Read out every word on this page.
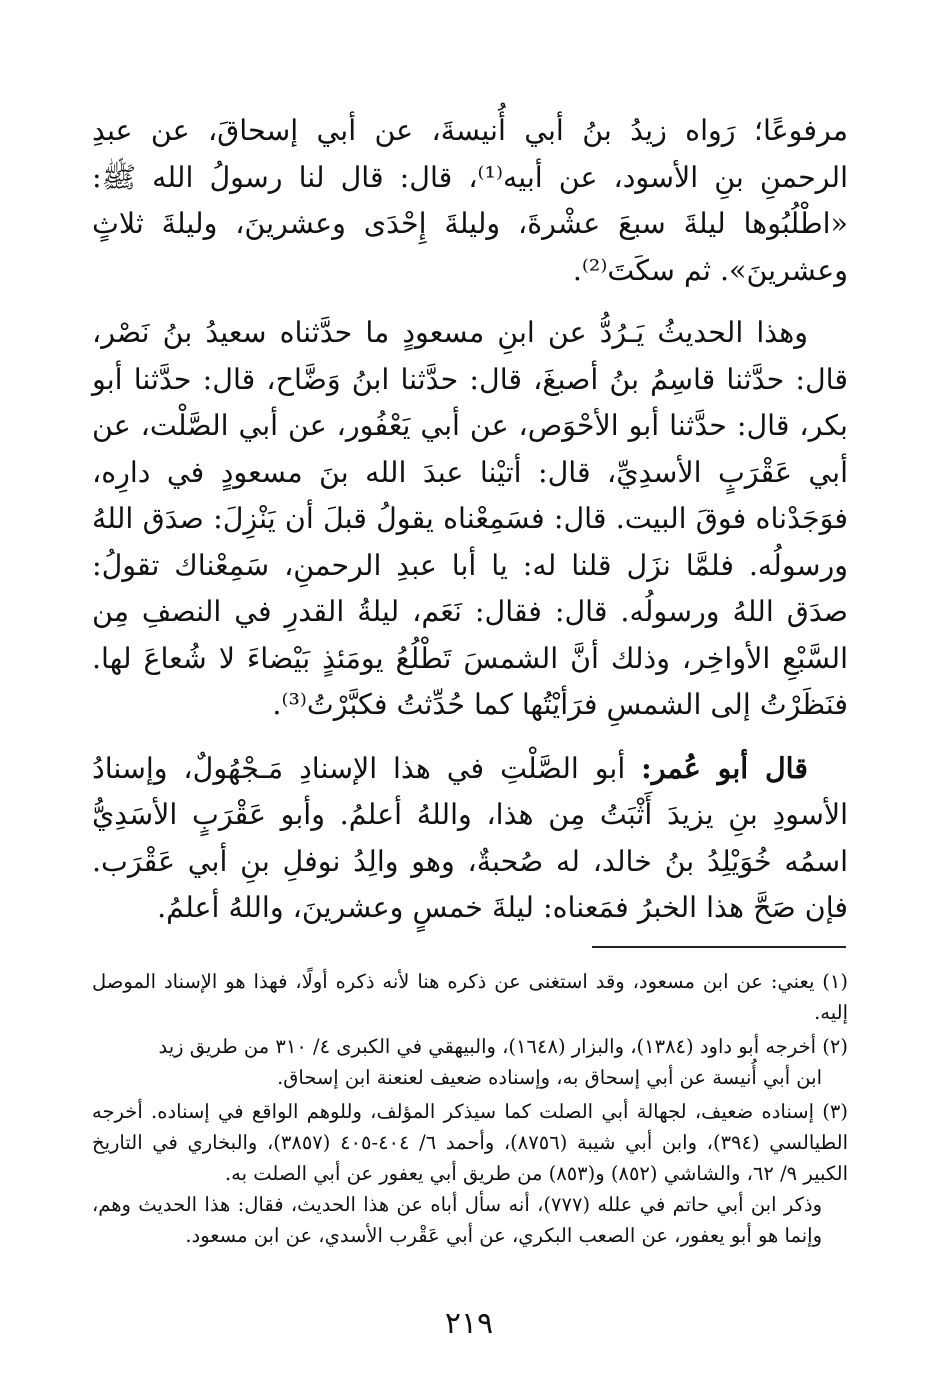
مرفوعًا؛ رَواه زيدُ بنُ أبي أُنيسةَ، عن أبي إسحاقَ، عن عبدِ الرحمنِ بنِ الأسود، عن أبيه⁽¹⁾، قال: قال لنا رسولُ الله ﷺ: «اطْلُبُوها ليلةَ سبعَ عشْرةَ، وليلةَ إِحْدَى وعشرينَ، وليلةَ ثلاثٍ وعشرينَ». ثم سكَتَ⁽²⁾.

وهذا الحديثُ يَـرُدُّ عن ابنِ مسعودٍ ما حدَّثناه سعيدُ بنُ نَصْر، قال: حدَّثنا قاسِمُ بنُ أصبغَ، قال: حدَّثنا ابنُ وَضَّاح، قال: حدَّثنا أبو بكر، قال: حدَّثنا أبو الأحْوَص، عن أبي يَعْفُور، عن أبي الصَّلْت، عن أبي عَقْرَبٍ الأسدِيِّ، قال: أتيْنا عبدَ الله بنَ مسعودٍ في دارِه، فوَجَدْناه فوقَ البيت. قال: فسَمِعْناه يقولُ قبلَ أن يَنْزِلَ: صدَق اللهُ ورسولُه. فلمَّا نزَل قلنا له: يا أبا عبدِ الرحمنِ، سَمِعْناك تقولُ: صدَق اللهُ ورسولُه. قال: فقال: نَعَم، ليلةُ القدرِ في النصفِ مِن السَّبْعِ الأواخِر، وذلك أنَّ الشمسَ تَطْلُعُ يومَئذٍ بَيْضاءَ لا شُعاعَ لها. فنَظَرْتُ إلى الشمسِ فرَأيْتُها كما حُدِّثتُ فكبَّرْتُ⁽³⁾.

قال أبو عُمر: أبو الصَّلْتِ في هذا الإسنادِ مَـجْهُولٌ، وإسنادُ الأسودِ بنِ يزيدَ أَثْبَتُ مِن هذا، واللهُ أعلمُ. وأبو عَقْرَبٍ الأسَدِيُّ اسمُه خُوَيْلِدُ بنُ خالد، له صُحبةٌ، وهو والِدُ نوفلِ بنِ أبي عَقْرَب. فإن صَحَّ هذا الخبرُ فمَعناه: ليلةَ خمسٍ وعشرينَ، واللهُ أعلمُ.

(١) يعني: عن ابن مسعود، وقد استغنى عن ذكره هنا لأنه ذكره أولًا، فهذا هو الإسناد الموصل إليه.

(٢) أخرجه أبو داود (١٣٨٤)، والبزار (١٦٤٨)، والبيهقي في الكبرى ٤/ ٣١٠ من طريق زيد

ابن أبي أُنيسة عن أبي إسحاق به، وإسناده ضعيف لعنعنة ابن إسحاق.

(٣) إسناده ضعيف، لجهالة أبي الصلت كما سيذكر المؤلف، وللوهم الواقع في إسناده. أخرجه الطيالسي (٣٩٤)، وابن أبي شيبة (٨٧٥٦)، وأحمد ٦/ ٤٠٤-٤٠٥ (٣٨٥٧)، والبخاري في التاريخ الكبير ٩/ ٦٢، والشاشي (٨٥٢) و(٨٥٣) من طريق أبي يعفور عن أبي الصلت به.

وذكر ابن أبي حاتم في علله (٧٧٧)، أنه سأل أباه عن هذا الحديث، فقال: هذا الحديث وهم، وإنما هو أبو يعفور، عن الصعب البكري، عن أبي عَقْرب الأسدي، عن ابن مسعود.

٢١٩
